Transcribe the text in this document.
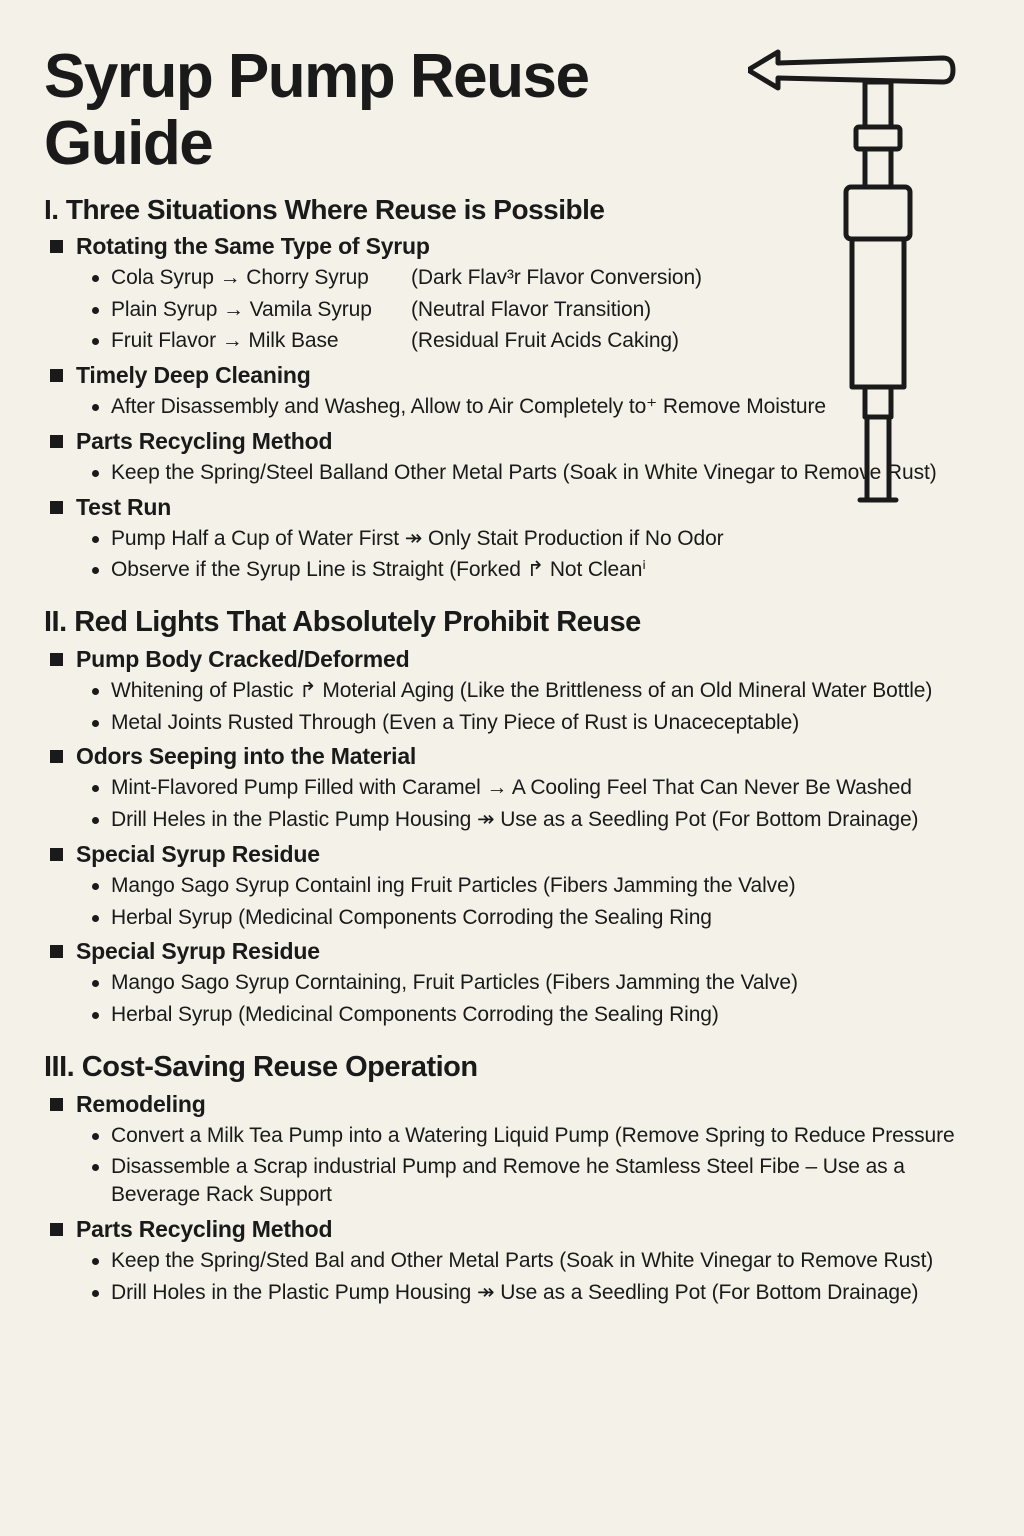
Syrup Pump Reuse Guide
I. Three Situations Where Reuse is Possible
Rotating the Same Type of Syrup
Cola Syrup → Chorry Syrup	(Dark Flav³r Flavor Conversion)
Plain Syrup → Vamila Syrup	(Neutral Flavor Transition)
Fruit Flavor → Milk Base	(Residual Fruit Acids Caking)
Timely Deep Cleaning
After Disassembly and Washeg, Allow to Air Completely to⁺ Remove Moisture
Parts Recycling Method
Keep the Spring/Steel Balland Other Metal Parts (Soak in White Vinegar to Remove Rust)
Test Run
Pump Half a Cup of Water First ↠ Only Stait Production if No Odor
Observe if the Syrup Line is Straight (Forked ↱ Not Cleanⁱ
II. Red Lights That Absolutely Prohibit Reuse
Pump Body Cracked/Deformed
Whitening of Plastic ↱ Moterial Aging (Like the Brittleness of an Old Mineral Water Bottle)
Metal Joints Rusted Through (Even a Tiny Piece of Rust is Unaceceptable)
Odors Seeping into the Material
Mint-Flavored Pump Filled with Caramel → A Cooling Feel That Can Never Be Washed
Drill Heles in the Plastic Pump Housing ↠ Use as a Seedling Pot (For Bottom Drainage)
Special Syrup Residue
Mango Sago Syrup Containl ing Fruit Particles (Fibers Jamming the Valve)
Herbal Syrup (Medicinal Components Corroding the Sealing Ring
Special Syrup Residue
Mango Sago Syrup Corntaining, Fruit Particles (Fibers Jamming the Valve)
Herbal Syrup (Medicinal Components Corroding the Sealing Ring)
III. Cost-Saving Reuse Operation
Remodeling
Convert a Milk Tea Pump into a Watering Liquid Pump (Remove Spring to Reduce Pressure
Disassemble a Scrap industrial Pump and Remove he Stamless Steel Fibe – Use as a Beverage Rack Support
Parts Recycling Method
Keep the Spring/Sted Bal and Other Metal Parts (Soak in White Vinegar to Remove Rust)
Drill Holes in the Plastic Pump Housing ↠ Use as a Seedling Pot (For Bottom Drainage)
